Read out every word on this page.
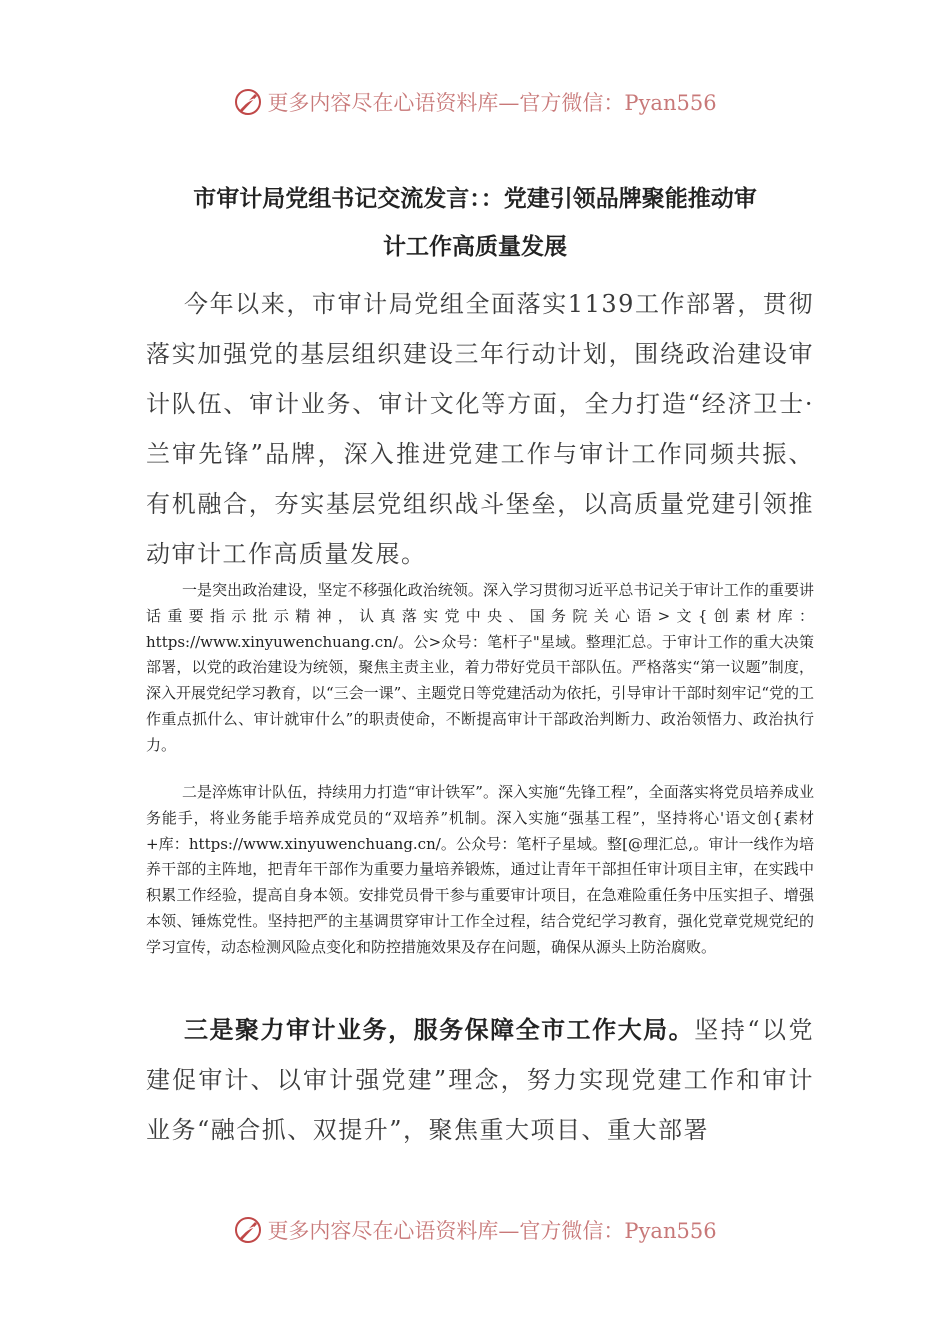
更多内容尽在心语资料库—官方微信：Pyan556
市审计局党组书记交流发言：：党建引领品牌聚能推动审
计工作高质量发展

今年以来，市审计局党组全面落实1139工作部署，贯彻落实加强党的基层组织建设三年行动计划，围绕政治建设审计队伍、审计业务、审计文化等方面，全力打造“经济卫士·兰审先锋”品牌，深入推进党建工作与审计工作同频共振、有机融合，夯实基层党组织战斗堡垒，以高质量党建引领推动审计工作高质量发展。

一是突出政治建设，坚定不移强化政治统领。深入学习贯彻习近平总书记关于审计工作的重要讲话重要指示批示精神，认真落实党中央、国务院关心语>文{创素材库：https://www.xinyuwenchuang.cn/。公>众号：笔杆子"星域。整理汇总。于审计工作的重大决策部署，以党的政治建设为统领，聚焦主责主业，着力带好党员干部队伍。严格落实“第一议题”制度，深入开展党纪学习教育，以“三会一课”、主题党日等党建活动为依托，引导审计干部时刻牢记“党的工作重点抓什么、审计就审什么”的职责使命，不断提高审计干部政治判断力、政治领悟力、政治执行力。

二是淬炼审计队伍，持续用力打造“审计铁军”。深入实施“先锋工程”，全面落实将党员培养成业务能手，将业务能手培养成党员的“双培养”机制。深入实施“强基工程”，坚持将心'语文创{素材+库：https://www.xinyuwenchuang.cn/。公众号：笔杆子星域。整[@理汇总,。审计一线作为培养干部的主阵地，把青年干部作为重要力量培养锻炼，通过让青年干部担任审计项目主审，在实践中积累工作经验，提高自身本领。安排党员骨干参与重要审计项目，在急难险重任务中压实担子、增强本领、锤炼党性。坚持把严的主基调贯穿审计工作全过程，结合党纪学习教育，强化党章党规党纪的学习宣传，动态检测风险点变化和防控措施效果及存在问题，确保从源头上防治腐败。

三是聚力审计业务，服务保障全市工作大局。坚持“以党建促审计、以审计强党建”理念，努力实现党建工作和审计业务“融合抓、双提升”，聚焦重大项目、重大部署

更多内容尽在心语资料库—官方微信：Pyan556
